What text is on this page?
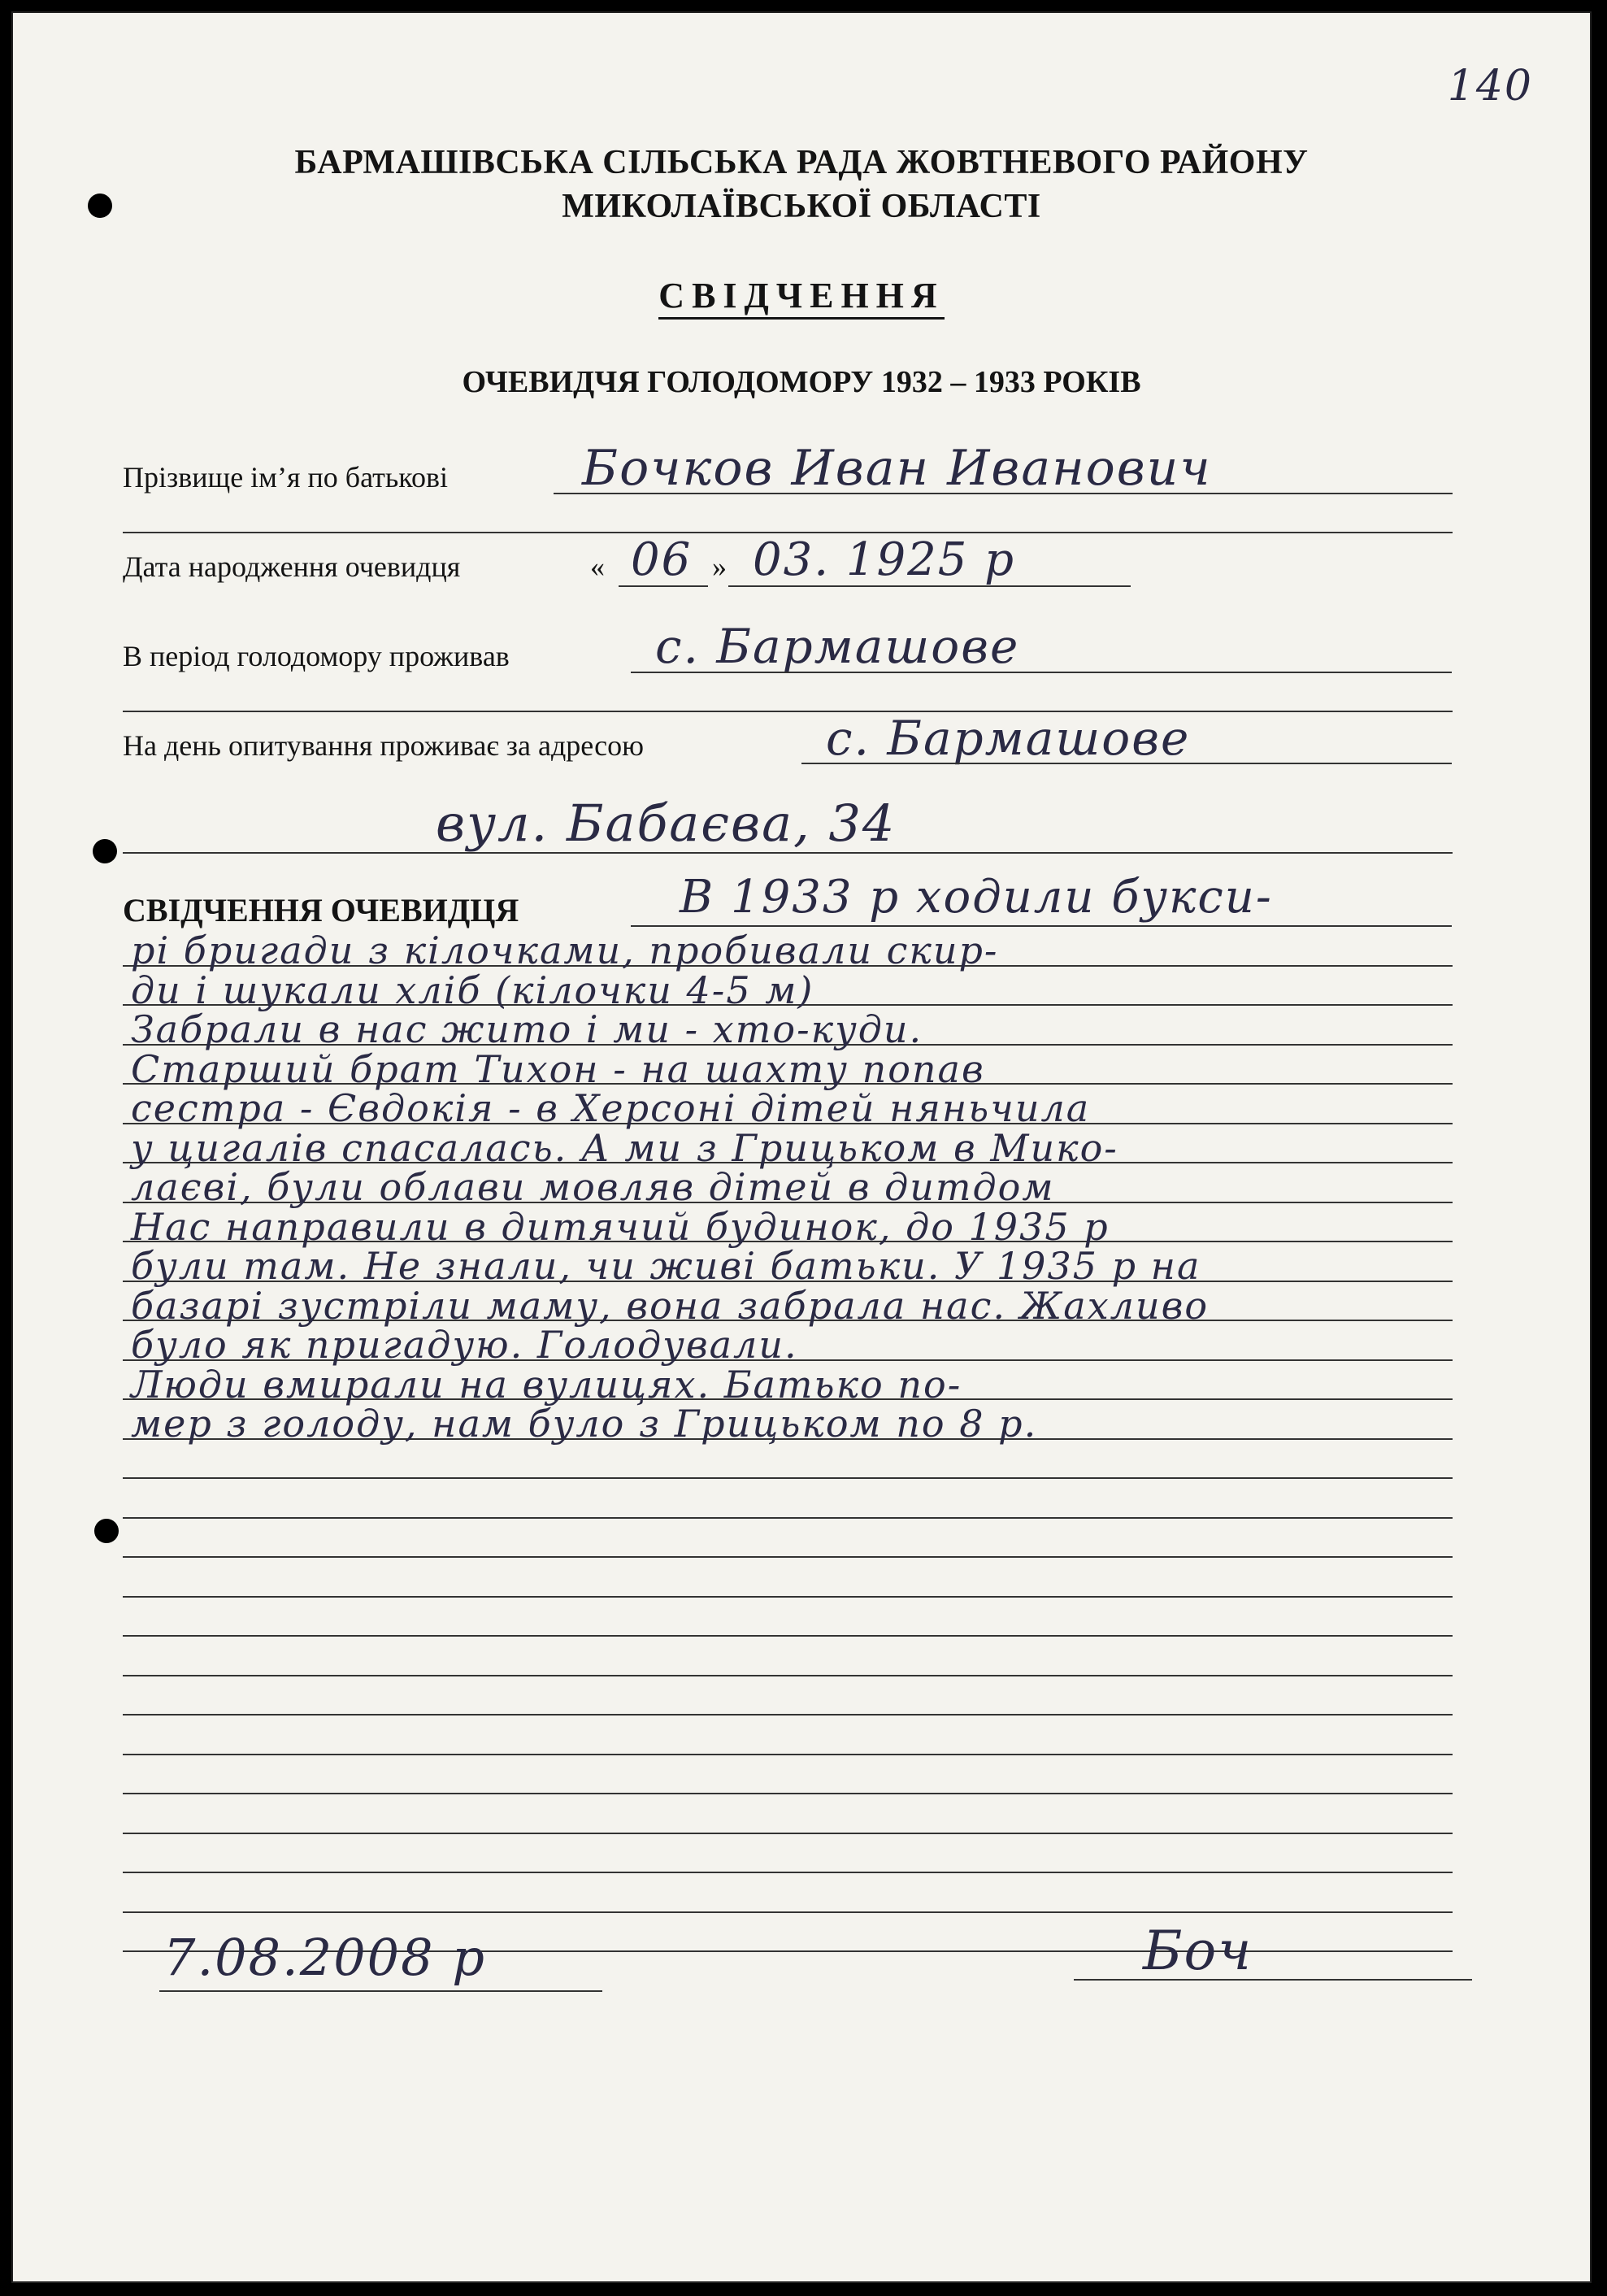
140
БАРМАШІВСЬКА СІЛЬСЬКА РАДА ЖОВТНЕВОГО РАЙОНУ
МИКОЛАЇВСЬКОЇ ОБЛАСТІ
СВІДЧЕННЯ
ОЧЕВИДЧЯ ГОЛОДОМОРУ 1932 – 1933 РОКІВ
Прізвище ім’я по батькові	Бочков Иван Иванович
Дата народження очевидця	« 06 » 03. 1925 р
В період голодомору проживав	с. Бармашове
На день опитування проживає за адресою	с. Бармашове
вул. Бабаєва, 34
СВІДЧЕННЯ ОЧЕВИДЦЯ	В 1933 р ходили букси-
рі бригади з кілочками, пробивали скир-
ди і шукали хліб (кілочки 4-5 м)
Забрали в нас жито і ми - хто-куди.
Старший брат Тихон - на шахту попав
сестра - Євдокія - в Херсоні дітей няньчила
у цигалів спасалась. А ми з Грицьком в Мико-
лаєві, були облави мовляв дітей в дитдом
Нас направили в дитячий будинок, до 1935 р
були там. Не знали, чи живі батьки. У 1935 р на
базарі зустріли маму, вона забрала нас. Жахливо
було як пригадую. Голодували.
Люди вмирали на вулицях. Батько по-
мер з голоду, нам було з Грицьком по 8 р.
7.08.2008 р	Боч
